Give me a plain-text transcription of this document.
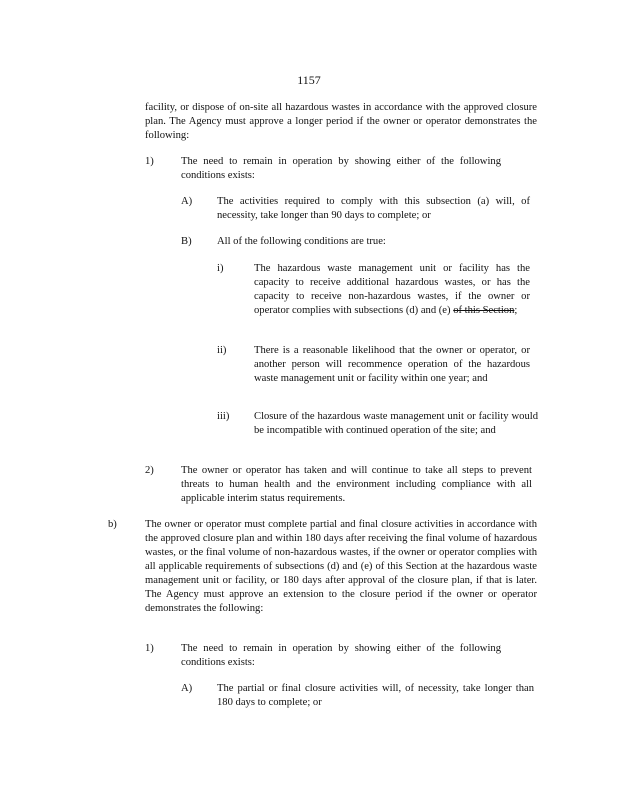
1157
facility, or dispose of on-site all hazardous wastes in accordance with the approved closure plan. The Agency must approve a longer period if the owner or operator demonstrates the following:
1)	The need to remain in operation by showing either of the following conditions exists:
A) The activities required to comply with this subsection (a) will, of necessity, take longer than 90 days to complete; or
B) All of the following conditions are true:
i)	The hazardous waste management unit or facility has the capacity to receive additional hazardous wastes, or has the capacity to receive non-hazardous wastes, if the owner or operator complies with subsections (d) and (e) of this Section;
ii)	There is a reasonable likelihood that the owner or operator, or another person will recommence operation of the hazardous waste management unit or facility within one year; and
iii) Closure of the hazardous waste management unit or facility would be incompatible with continued operation of the site; and
2)	The owner or operator has taken and will continue to take all steps to prevent threats to human health and the environment including compliance with all applicable interim status requirements.
b)	The owner or operator must complete partial and final closure activities in accordance with the approved closure plan and within 180 days after receiving the final volume of hazardous wastes, or the final volume of non-hazardous wastes, if the owner or operator complies with all applicable requirements of subsections (d) and (e) of this Section at the hazardous waste management unit or facility, or 180 days after approval of the closure plan, if that is later. The Agency must approve an extension to the closure period if the owner or operator demonstrates the following:
1)	The need to remain in operation by showing either of the following conditions exists:
A) The partial or final closure activities will, of necessity, take longer than 180 days to complete; or
